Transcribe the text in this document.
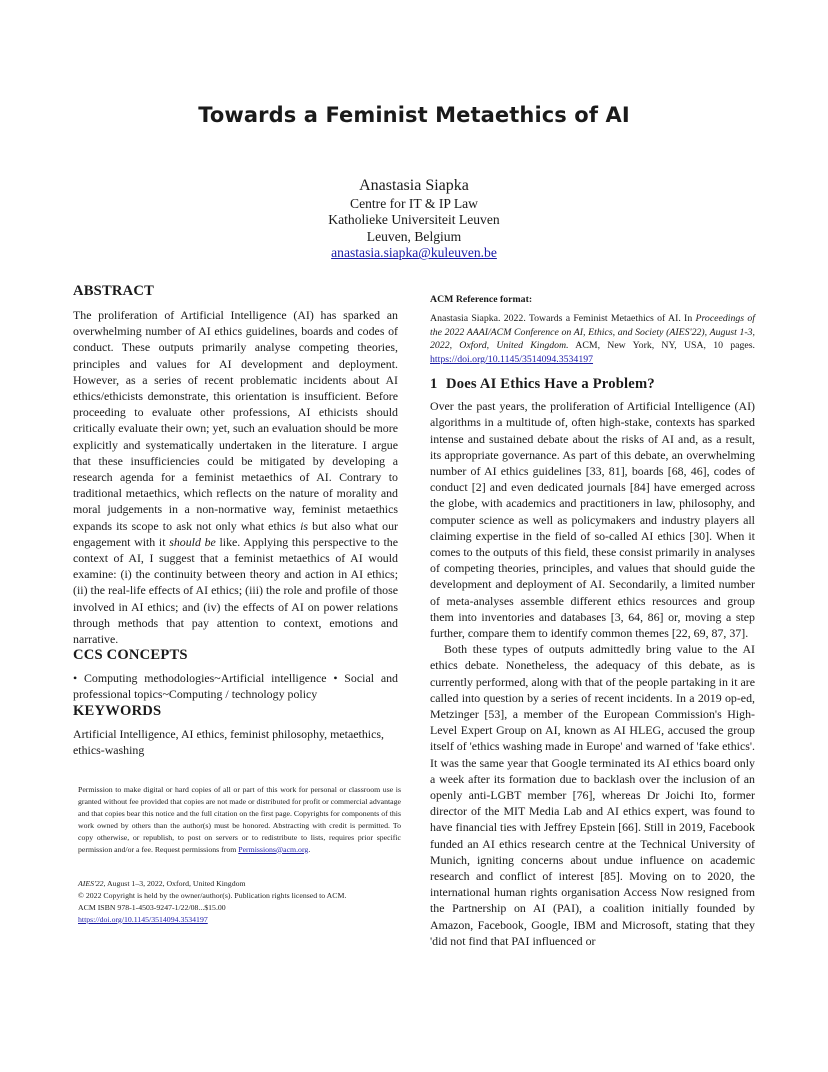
Towards a Feminist Metaethics of AI
Anastasia Siapka
Centre for IT & IP Law
Katholieke Universiteit Leuven
Leuven, Belgium
anastasia.siapka@kuleuven.be
ABSTRACT

The proliferation of Artificial Intelligence (AI) has sparked an overwhelming number of AI ethics guidelines, boards and codes of conduct. These outputs primarily analyse competing theories, principles and values for AI development and deployment. However, as a series of recent problematic incidents about AI ethics/ethicists demonstrate, this orientation is insufficient. Before proceeding to evaluate other professions, AI ethicists should critically evaluate their own; yet, such an evaluation should be more explicitly and systematically undertaken in the literature. I argue that these insufficiencies could be mitigated by developing a research agenda for a feminist metaethics of AI. Contrary to traditional metaethics, which reflects on the nature of morality and moral judgements in a non-normative way, feminist metaethics expands its scope to ask not only what ethics is but also what our engagement with it should be like. Applying this perspective to the context of AI, I suggest that a feminist metaethics of AI would examine: (i) the continuity between theory and action in AI ethics; (ii) the real-life effects of AI ethics; (iii) the role and profile of those involved in AI ethics; and (iv) the effects of AI on power relations through methods that pay attention to context, emotions and narrative.

CCS CONCEPTS

• Computing methodologies~Artificial intelligence • Social and professional topics~Computing / technology policy

KEYWORDS

Artificial Intelligence, AI ethics, feminist philosophy, metaethics, ethics-washing

Permission to make digital or hard copies of all or part of this work for personal or classroom use is granted without fee provided that copies are not made or distributed for profit or commercial advantage and that copies bear this notice and the full citation on the first page. Copyrights for components of this work owned by others than the author(s) must be honored. Abstracting with credit is permitted. To copy otherwise, or republish, to post on servers or to redistribute to lists, requires prior specific permission and/or a fee. Request permissions from Permissions@acm.org.

AIES'22, August 1–3, 2022, Oxford, United Kingdom
© 2022 Copyright is held by the owner/author(s). Publication rights licensed to ACM.
ACM ISBN 978-1-4503-9247-1/22/08...$15.00
https://doi.org/10.1145/3514094.3534197

ACM Reference format:

Anastasia Siapka. 2022. Towards a Feminist Metaethics of AI. In Proceedings of the 2022 AAAI/ACM Conference on AI, Ethics, and Society (AIES'22), August 1-3, 2022, Oxford, United Kingdom. ACM, New York, NY, USA, 10 pages. https://doi.org/10.1145/3514094.3534197

1 Does AI Ethics Have a Problem?

Over the past years, the proliferation of Artificial Intelligence (AI) algorithms in a multitude of, often high-stake, contexts has sparked intense and sustained debate about the risks of AI and, as a result, its appropriate governance. As part of this debate, an overwhelming number of AI ethics guidelines [33, 81], boards [68, 46], codes of conduct [2] and even dedicated journals [84] have emerged across the globe, with academics and practitioners in law, philosophy, and computer science as well as policymakers and industry players all claiming expertise in the field of so-called AI ethics [30]. When it comes to the outputs of this field, these consist primarily in analyses of competing theories, principles, and values that should guide the development and deployment of AI. Secondarily, a limited number of meta-analyses assemble different ethics resources and group them into inventories and databases [3, 64, 86] or, moving a step further, compare them to identify common themes [22, 69, 87, 37].

Both these types of outputs admittedly bring value to the AI ethics debate. Nonetheless, the adequacy of this debate, as is currently performed, along with that of the people partaking in it are called into question by a series of recent incidents. In a 2019 op-ed, Metzinger [53], a member of the European Commission's High-Level Expert Group on AI, known as AI HLEG, accused the group itself of 'ethics washing made in Europe' and warned of 'fake ethics'. It was the same year that Google terminated its AI ethics board only a week after its formation due to backlash over the inclusion of an openly anti-LGBT member [76], whereas Dr Joichi Ito, former director of the MIT Media Lab and AI ethics expert, was found to have financial ties with Jeffrey Epstein [66]. Still in 2019, Facebook funded an AI ethics research centre at the Technical University of Munich, igniting concerns about undue influence on academic research and conflict of interest [85]. Moving on to 2020, the international human rights organisation Access Now resigned from the Partnership on AI (PAI), a coalition initially founded by Amazon, Facebook, Google, IBM and Microsoft, stating that they 'did not find that PAI influenced or
